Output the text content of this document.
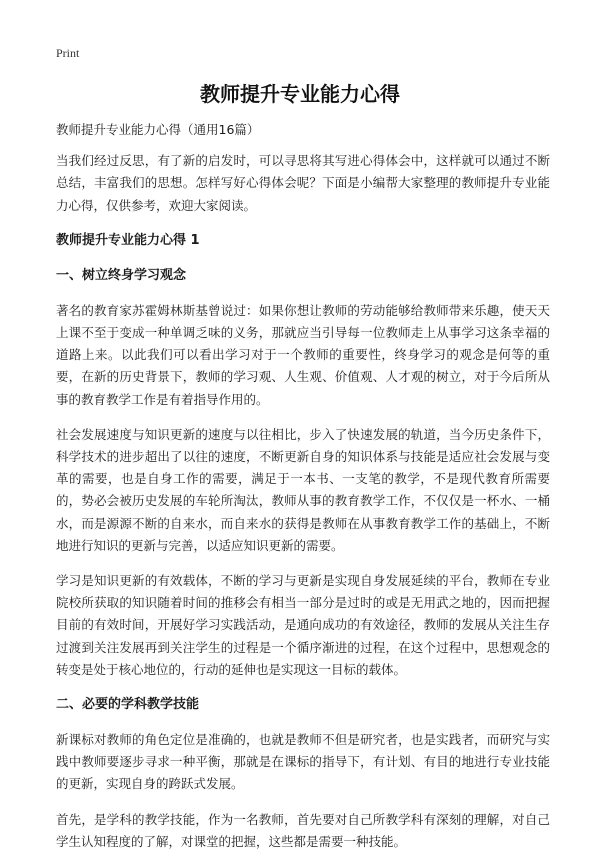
Print
教师提升专业能力心得

教师提升专业能力心得（通用16篇）

当我们经过反思，有了新的启发时，可以寻思将其写进心得体会中，这样就可以通过不断总结，丰富我们的思想。怎样写好心得体会呢？下面是小编帮大家整理的教师提升专业能力心得，仅供参考，欢迎大家阅读。

教师提升专业能力心得 1
一、树立终身学习观念

著名的教育家苏霍姆林斯基曾说过：如果你想让教师的劳动能够给教师带来乐趣，使天天上课不至于变成一种单调乏味的义务，那就应当引导每一位教师走上从事学习这条幸福的道路上来。以此我们可以看出学习对于一个教师的重要性，终身学习的观念是何等的重要，在新的历史背景下，教师的学习观、人生观、价值观、人才观的树立，对于今后所从事的教育教学工作是有着指导作用的。

社会发展速度与知识更新的速度与以往相比，步入了快速发展的轨道，当今历史条件下，科学技术的进步超出了以往的速度，不断更新自身的知识体系与技能是适应社会发展与变革的需要，也是自身工作的需要，满足于一本书、一支笔的教学，不是现代教育所需要的，势必会被历史发展的车轮所淘汰，教师从事的教育教学工作，不仅仅是一杯水、一桶水，而是源源不断的自来水，而自来水的获得是教师在从事教育教学工作的基础上，不断地进行知识的更新与完善，以适应知识更新的需要。

学习是知识更新的有效载体，不断的学习与更新是实现自身发展延续的平台，教师在专业院校所获取的知识随着时间的推移会有相当一部分是过时的或是无用武之地的，因而把握目前的有效时间，开展好学习实践活动，是通向成功的有效途径，教师的发展从关注生存过渡到关注发展再到关注学生的过程是一个循序渐进的过程，在这个过程中，思想观念的转变是处于核心地位的，行动的延伸也是实现这一目标的载体。

二、必要的学科教学技能

新课标对教师的角色定位是准确的，也就是教师不但是研究者，也是实践者，而研究与实践中教师要逐步寻求一种平衡，那就是在课标的指导下，有计划、有目的地进行专业技能的更新，实现自身的跨跃式发展。

首先，是学科的教学技能，作为一名教师，首先要对自己所教学科有深刻的理解，对自己学生认知程度的了解，对课堂的把握，这些都是需要一种技能。
